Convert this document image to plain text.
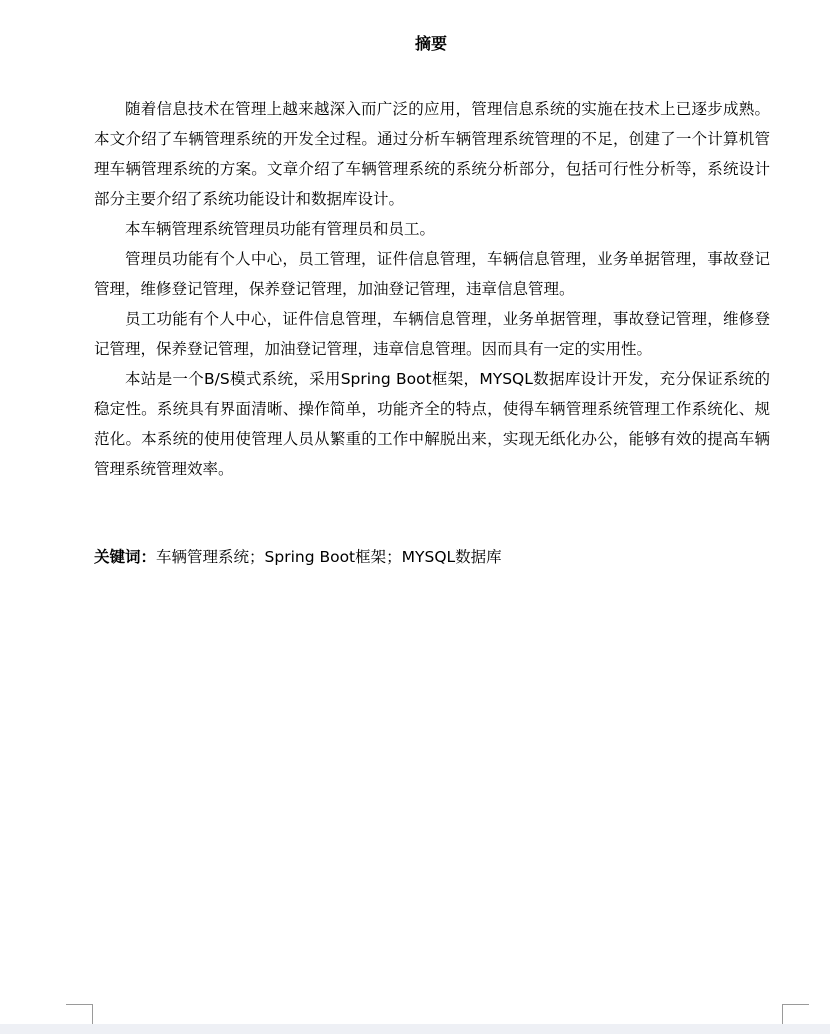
摘要

随着信息技术在管理上越来越深入而广泛的应用，管理信息系统的实施在技术上已逐步成熟。本文介绍了车辆管理系统的开发全过程。通过分析车辆管理系统管理的不足，创建了一个计算机管理车辆管理系统的方案。文章介绍了车辆管理系统的系统分析部分，包括可行性分析等，系统设计部分主要介绍了系统功能设计和数据库设计。

本车辆管理系统管理员功能有管理员和员工。

管理员功能有个人中心，员工管理，证件信息管理，车辆信息管理，业务单据管理，事故登记管理，维修登记管理，保养登记管理，加油登记管理，违章信息管理。

员工功能有个人中心，证件信息管理，车辆信息管理，业务单据管理，事故登记管理，维修登记管理，保养登记管理，加油登记管理，违章信息管理。因而具有一定的实用性。

本站是一个B/S模式系统，采用Spring Boot框架，MYSQL数据库设计开发，充分保证系统的稳定性。系统具有界面清晰、操作简单，功能齐全的特点，使得车辆管理系统管理工作系统化、规范化。本系统的使用使管理人员从繁重的工作中解脱出来，实现无纸化办公，能够有效的提高车辆管理系统管理效率。

关键词：车辆管理系统；Spring Boot框架；MYSQL数据库
